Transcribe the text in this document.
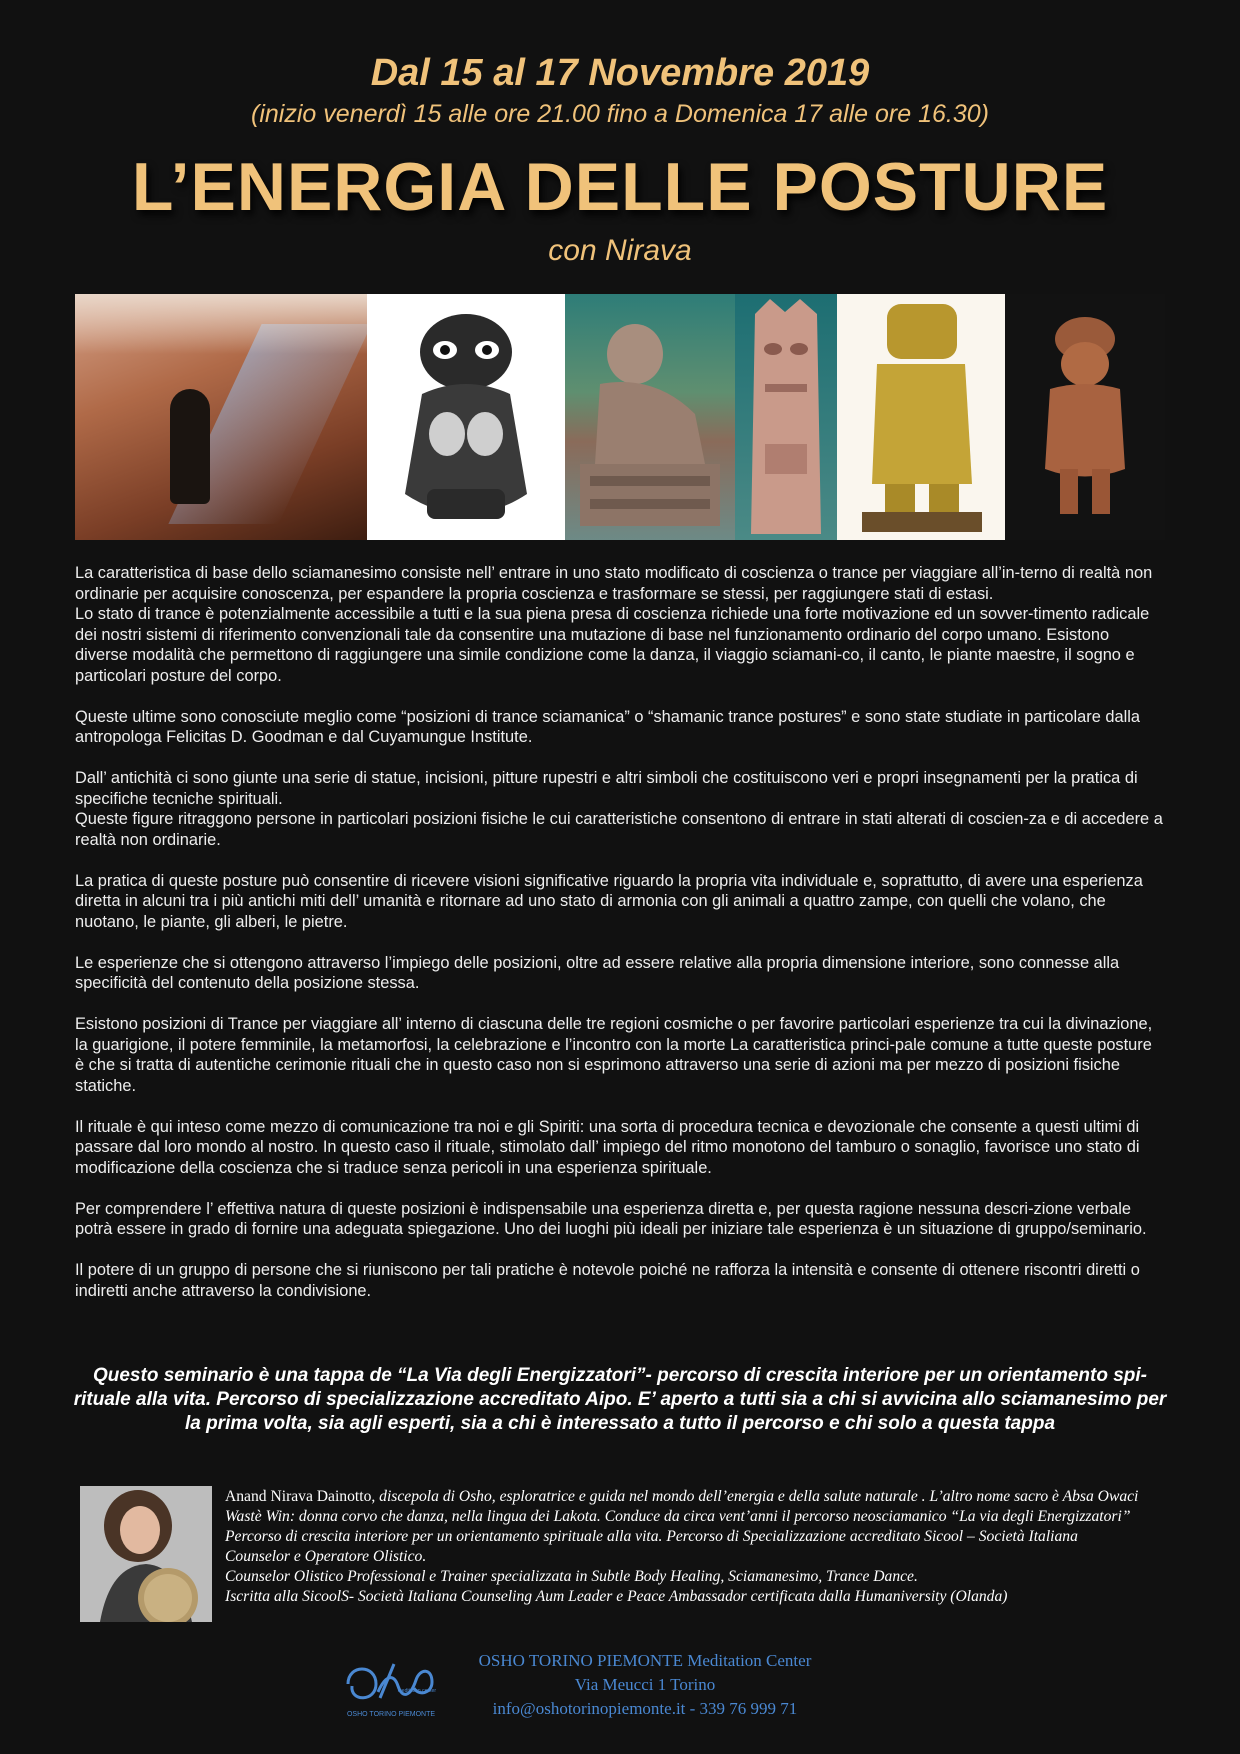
Dal 15 al 17 Novembre 2019
(inizio venerdì 15 alle ore 21.00 fino a Domenica 17 alle ore 16.30)
L’ENERGIA DELLE POSTURE
con Nirava

La caratteristica di base dello sciamanesimo consiste nell’ entrare in uno stato modificato di coscienza o trance per viaggiare all’in-terno di realtà non ordinarie per acquisire conoscenza, per espandere la propria coscienza e trasformare se stessi, per raggiungere stati di estasi.

Lo stato di trance è potenzialmente accessibile a tutti e la sua piena presa di coscienza richiede una forte motivazione ed un sovver-timento radicale dei nostri sistemi di riferimento convenzionali tale da consentire una mutazione di base nel funzionamento ordinario del corpo umano. Esistono diverse modalità che permettono di raggiungere una simile condizione come la danza, il viaggio sciamani-co, il canto, le piante maestre, il sogno e particolari posture del corpo.

Queste ultime sono conosciute meglio come “posizioni di trance sciamanica” o “shamanic trance postures” e sono state studiate in particolare dalla antropologa Felicitas D. Goodman e dal Cuyamungue Institute.

Dall’ antichità ci sono giunte una serie di statue, incisioni, pitture rupestri e altri simboli che costituiscono veri e propri insegnamenti per la pratica di specifiche tecniche spirituali.

Queste figure ritraggono persone in particolari posizioni fisiche le cui caratteristiche consentono di entrare in stati alterati di coscien-za e di accedere a realtà non ordinarie.

La pratica di queste posture può consentire di ricevere visioni significative riguardo la propria vita individuale e, soprattutto, di avere una esperienza diretta in alcuni tra i più antichi miti dell’ umanità e ritornare ad uno stato di armonia con gli animali a quattro zampe, con quelli che volano, che nuotano, le piante, gli alberi, le pietre.

Le esperienze che si ottengono attraverso l’impiego delle posizioni, oltre ad essere relative alla propria dimensione interiore, sono connesse alla specificità del contenuto della posizione stessa.

Esistono posizioni di Trance per viaggiare all’ interno di ciascuna delle tre regioni cosmiche o per favorire particolari esperienze tra cui la divinazione, la guarigione, il potere femminile, la metamorfosi, la celebrazione e l’incontro con la morte La caratteristica princi-pale comune a tutte queste posture è che si tratta di autentiche cerimonie rituali che in questo caso non si esprimono attraverso una serie di azioni ma per mezzo di posizioni fisiche statiche.

Il rituale è qui inteso come mezzo di comunicazione tra noi e gli Spiriti: una sorta di procedura tecnica e devozionale che consente a questi ultimi di passare dal loro mondo al nostro. In questo caso il rituale, stimolato dall’ impiego del ritmo monotono del tamburo o sonaglio, favorisce uno stato di modificazione della coscienza che si traduce senza pericoli in una esperienza spirituale.

Per comprendere l’ effettiva natura di queste posizioni è indispensabile una esperienza diretta e, per questa ragione nessuna descri-zione verbale potrà essere in grado di fornire una adeguata spiegazione. Uno dei luoghi più ideali per iniziare tale esperienza è un situazione di gruppo/seminario.

Il potere di un gruppo di persone che si riuniscono per tali pratiche è notevole poiché ne rafforza la intensità e consente di ottenere riscontri diretti o indiretti anche attraverso la condivisione.

Questo seminario è una tappa de “La Via degli Energizzatori”- percorso di crescita interiore per un orientamento spi-rituale alla vita. Percorso di specializzazione accreditato Aipo. E’ aperto a tutti sia a chi si avvicina allo sciamanesimo per la prima volta, sia agli esperti, sia a chi è interessato a tutto il percorso e chi solo a questa tappa
Anand Nirava Dainotto, discepola di Osho, esploratrice e guida nel mondo dell’energia e della salute naturale . L’altro nome sacro è Absa Owaci Wastè Win: donna corvo che danza, nella lingua dei Lakota. Conduce da circa vent’anni il percorso neosciamanico “La via degli Energizzatori” Percorso di crescita interiore per un orientamento spirituale alla vita. Percorso di Specializzazione accreditato Sicool – Società Italiana Counselor e Operatore Olistico.
Counselor Olistico Professional e Trainer specializzata in Subtle Body Healing, Sciamanesimo, Trance Dance.
Iscritta alla SicoolS- Società Italiana Counseling Aum Leader e Peace Ambassador certificata dalla Humaniversity (Olanda)
meditation center
OSHO TORINO PIEMONTE
OSHO TORINO PIEMONTE Meditation Center
Via Meucci 1 Torino
info@oshotorinopiemonte.it - 339 76 999 71
